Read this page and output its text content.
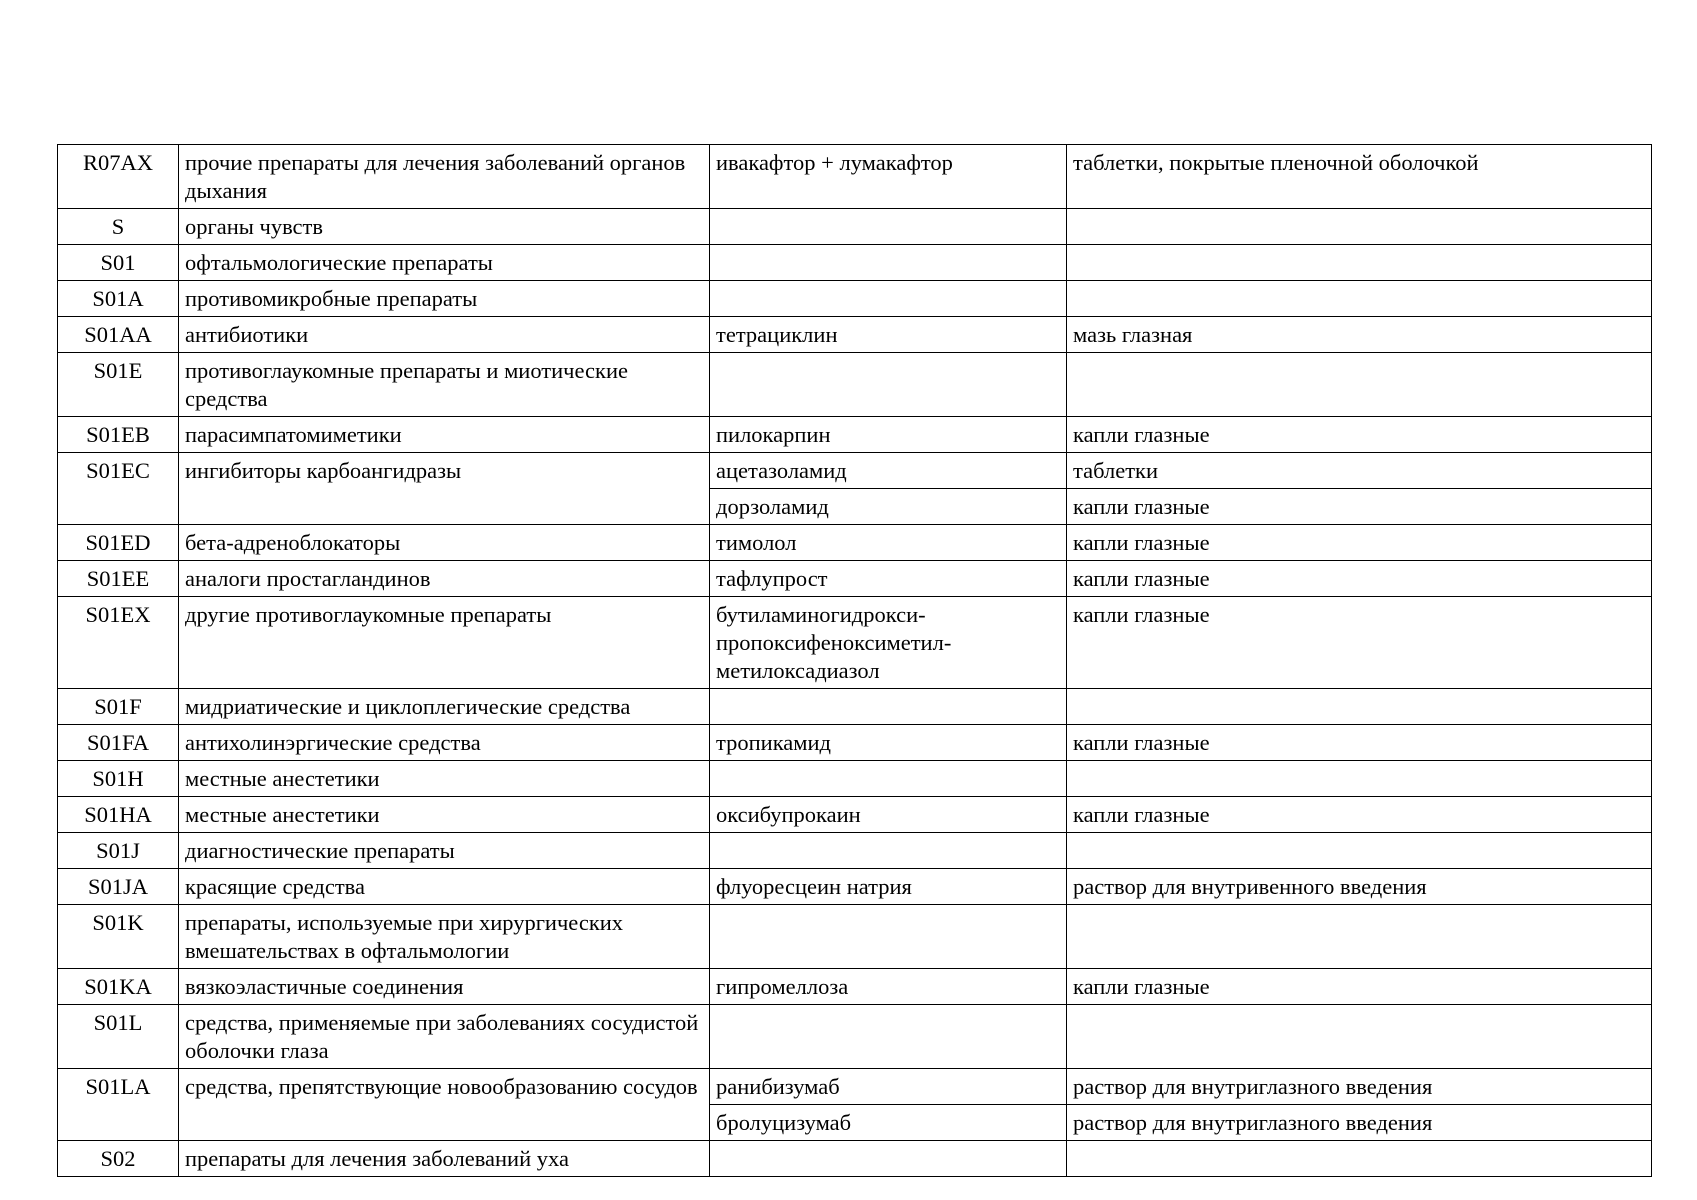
R07AX	прочие препараты для лечения заболеваний органов дыхания	ивакафтор + лумакафтор	таблетки, покрытые пленочной оболочкой
S	органы чувств		
S01	офтальмологические препараты		
S01A	противомикробные препараты		
S01AA	антибиотики	тетрациклин	мазь глазная
S01E	противоглаукомные препараты и миотические средства		
S01EB	парасимпатомиметики	пилокарпин	капли глазные
S01EC	ингибиторы карбоангидразы	ацетазоламид	таблетки
		дорзоламид	капли глазные
S01ED	бета-адреноблокаторы	тимолол	капли глазные
S01EE	аналоги простагландинов	тафлупрост	капли глазные
S01EX	другие противоглаукомные препараты	бутиламиногидрокси-пропоксифеноксиметил-метилоксадиазол	капли глазные
S01F	мидриатические и циклоплегические средства		
S01FA	антихолинэргические средства	тропикамид	капли глазные
S01H	местные анестетики		
S01HA	местные анестетики	оксибупрокаин	капли глазные
S01J	диагностические препараты		
S01JA	красящие средства	флуоресцеин натрия	раствор для внутривенного введения
S01K	препараты, используемые при хирургических вмешательствах в офтальмологии		
S01KA	вязкоэластичные соединения	гипромеллоза	капли глазные
S01L	средства, применяемые при заболеваниях сосудистой оболочки глаза		
S01LA	средства, препятствующие новообразованию сосудов	ранибизумаб	раствор для внутриглазного введения
		бролуцизумаб	раствор для внутриглазного введения
S02	препараты для лечения заболеваний уха		
